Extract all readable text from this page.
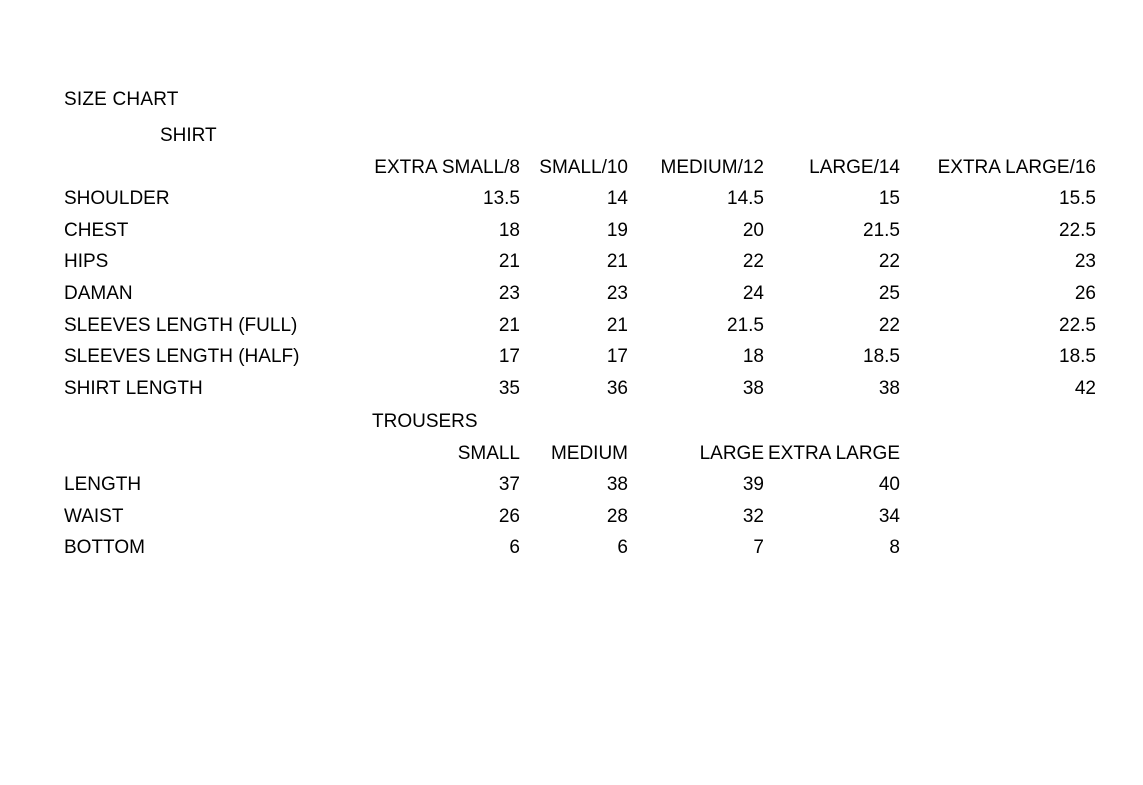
SIZE CHART
SHIRT					
	EXTRA SMALL/8	SMALL/10	MEDIUM/12	LARGE/14	EXTRA LARGE/16
SHOULDER	13.5	14	14.5	15	15.5
CHEST	18	19	20	21.5	22.5
HIPS	21	21	22	22	23
DAMAN	23	23	24	25	26
SLEEVES LENGTH (FULL)	21	21	21.5	22	22.5
SLEEVES LENGTH (HALF)	17	17	18	18.5	18.5
SHIRT LENGTH	35	36	38	38	42
TROUSERS					
	SMALL	MEDIUM	LARGE	EXTRA LARGE	
LENGTH	37	38	39	40	
WAIST	26	28	32	34	
BOTTOM	6	6	7	8	
